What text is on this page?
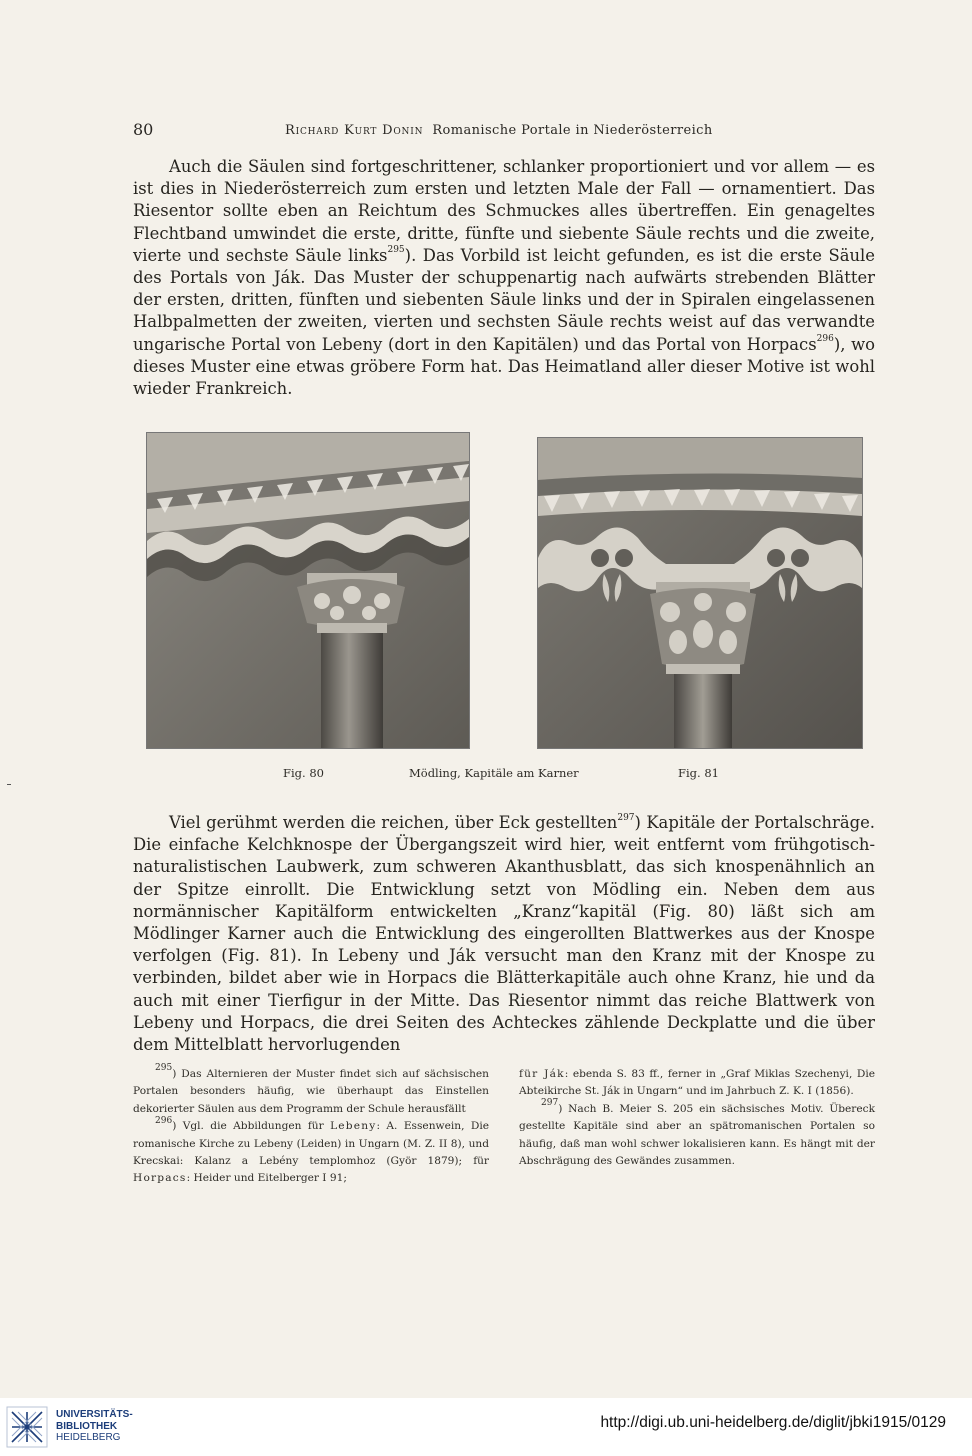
80	Richard Kurt Donin Romanische Portale in Niederösterreich

Auch die Säulen sind fortgeschrittener, schlanker proportioniert und vor allem — es ist dies in Niederösterreich zum ersten und letzten Male der Fall — ornamentiert. Das Riesentor sollte eben an Reichtum des Schmuckes alles übertreffen. Ein genageltes Flechtband umwindet die erste, dritte, fünfte und siebente Säule rechts und die zweite, vierte und sechste Säule links$^{295}$). Das Vorbild ist leicht gefunden, es ist die erste Säule des Portals von Ják. Das Muster der schuppenartig nach aufwärts strebenden Blätter der ersten, dritten, fünften und siebenten Säule links und der in Spiralen eingelassenen Halbpalmetten der zweiten, vierten und sechsten Säule rechts weist auf das verwandte ungarische Portal von Lebeny (dort in den Kapitälen) und das Portal von Horpacs$^{296}$), wo dieses Muster eine etwas gröbere Form hat. Das Heimatland aller dieser Motive ist wohl wieder Frankreich.

Fig. 80	Mödling, Kapitäle am Karner	Fig. 81

Viel gerühmt werden die reichen, über Eck gestellten$^{297}$) Kapitäle der Portalschräge. Die einfache Kelchknospe der Übergangszeit wird hier, weit entfernt vom frühgotisch-naturalistischen Laubwerk, zum schweren Akanthusblatt, das sich knospenähnlich an der Spitze einrollt. Die Entwicklung setzt von Mödling ein. Neben dem aus normännischer Kapitälform entwickelten „Kranz“kapitäl (Fig. 80) läßt sich am Mödlinger Karner auch die Entwicklung des eingerollten Blattwerkes aus der Knospe verfolgen (Fig. 81). In Lebeny und Ják versucht man den Kranz mit der Knospe zu verbinden, bildet aber wie in Horpacs die Blätterkapitäle auch ohne Kranz, hie und da auch mit einer Tierfigur in der Mitte. Das Riesentor nimmt das reiche Blattwerk von Lebeny und Horpacs, die drei Seiten des Achteckes zählende Deckplatte und die über dem Mittelblatt hervorlugenden

$^{295}$) Das Alternieren der Muster findet sich auf sächsischen Portalen besonders häufig, wie überhaupt das Einstellen dekorierter Säulen aus dem Programm der Schule herausfällt

$^{296}$) Vgl. die Abbildungen für Lebeny: A. Essenwein, Die romanische Kirche zu Lebeny (Leiden) in Ungarn (M. Z. II 8), und Krecskai: Kalanz a Lebény templomhoz (Györ 1879); für Horpacs: Heider und Eitelberger I 91;

für Ják: ebenda S. 83 ff., ferner in „Graf Miklas Szechenyi, Die Abteikirche St. Ják in Ungarn“ und im Jahrbuch Z. K. I (1856).

$^{297}$) Nach B. Meier S. 205 ein sächsisches Motiv. Übereck gestellte Kapitäle sind aber an spätromanischen Portalen so häufig, daß man wohl schwer lokalisieren kann. Es hängt mit der Abschrägung des Gewändes zusammen.

UNIVERSITÄTS-
BIBLIOTHEK
HEIDELBERG
http://digi.ub.uni-heidelberg.de/diglit/jbki1915/0129
